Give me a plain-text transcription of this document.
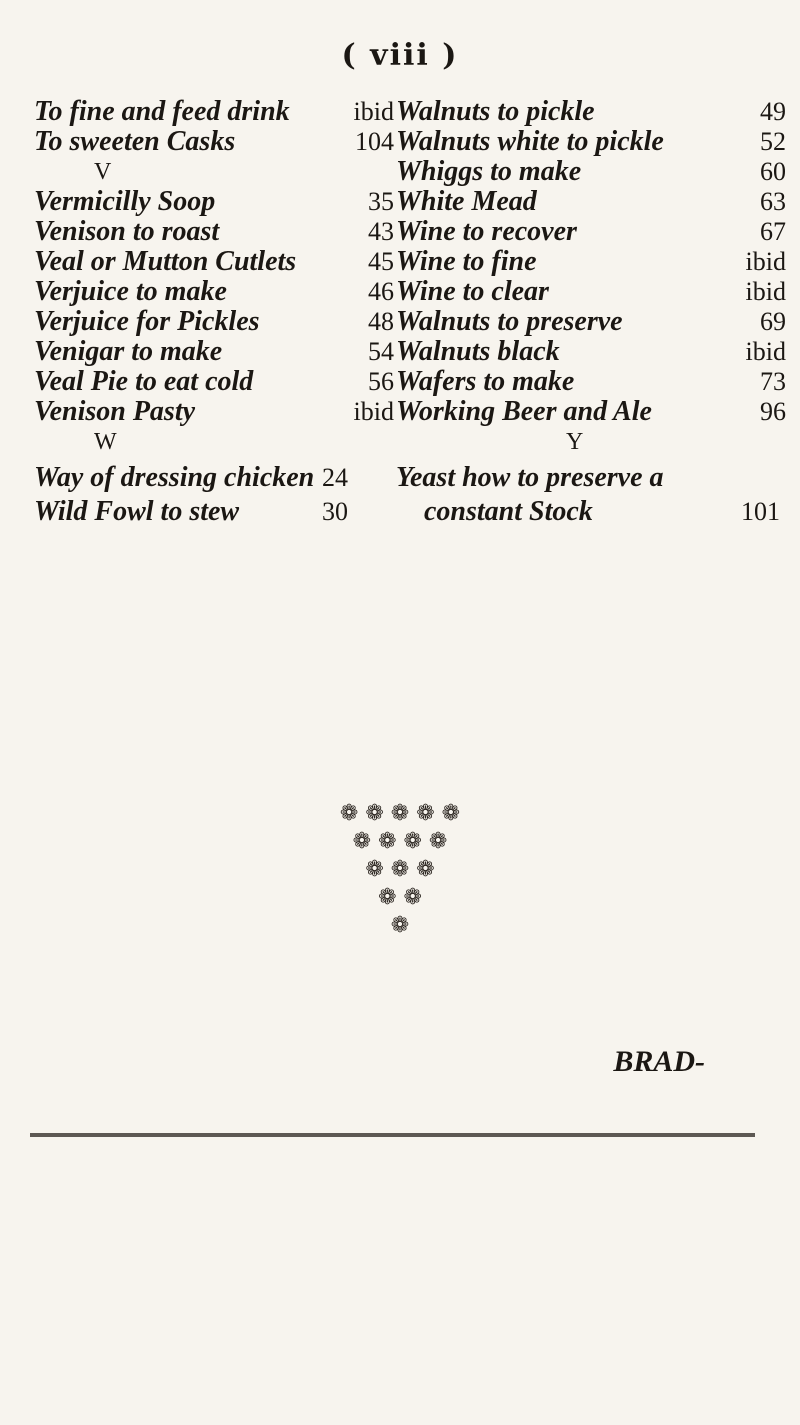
( viii )
To fine and feed drink ibid
To sweeten Casks	104
V
Vermicilly Soop	35
Venison to roast	43
Veal or Mutton Cutlets	45
Verjuice to make	46
Verjuice for Pickles	48
Venigar to make	54
Veal Pie to eat cold	56
Venison Pasty	ibid
W
Walnuts to pickle	49
Walnuts white to pickle	52
Whiggs to make	60
White Mead	63
Wine to recover	67
Wine to fine	ibid
Wine to clear	ibid
Walnuts to preserve	69
Walnuts black	ibid
Wafers to make	73
Working Beer and Ale	96
Y
Way of dressing chicken 24 Yeast how to preserve a
Wild Fowl to stew	30	constant Stock	101
❁ ❁ ❁ ❁ ❁
❁ ❁ ❁ ❁
❁ ❁ ❁
❁ ❁
❁
BRAD-
